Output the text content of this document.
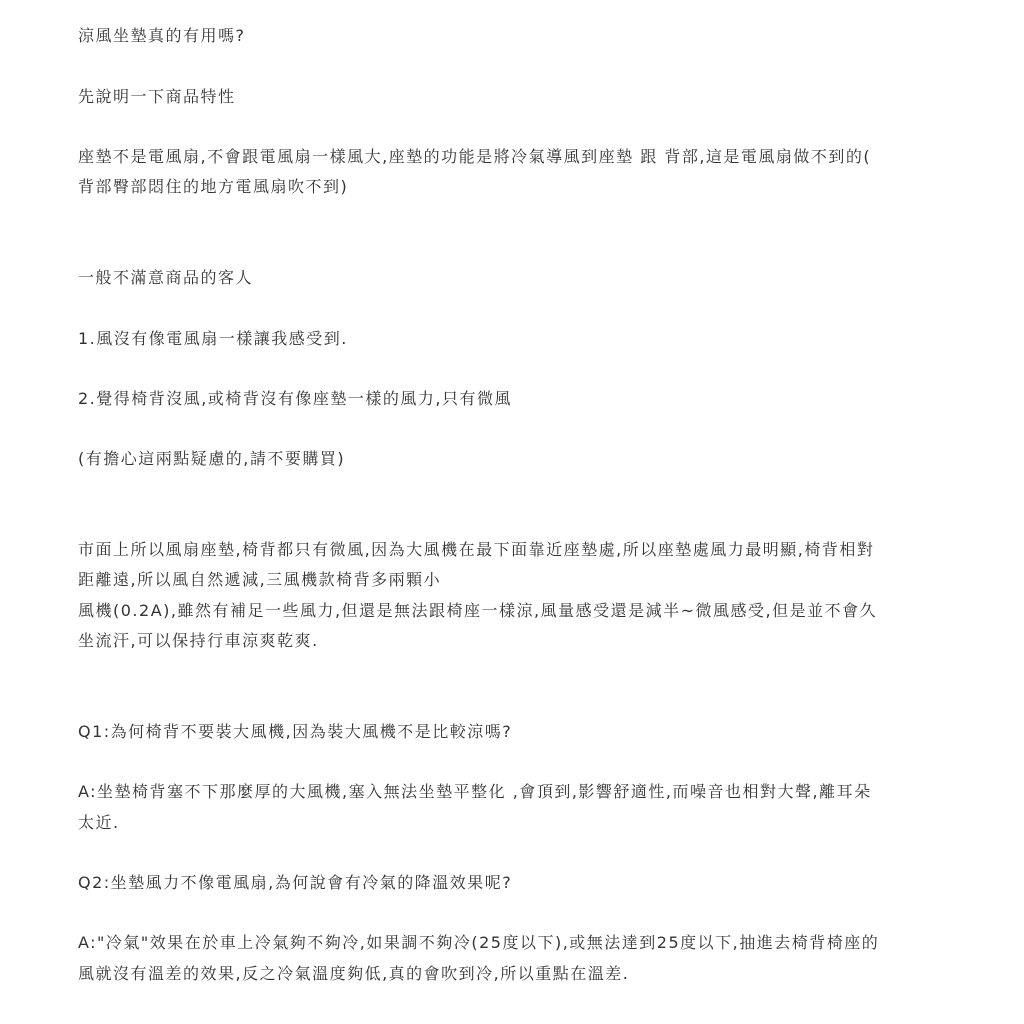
涼風坐墊真的有用嗎?

先說明一下商品特性

座墊不是電風扇,不會跟電風扇一樣風大,座墊的功能是將冷氣導風到座墊 跟 背部,這是電風扇做不到的(

背部臀部悶住的地方電風扇吹不到)

一般不滿意商品的客人

1.風沒有像電風扇一樣讓我感受到.

2.覺得椅背沒風,或椅背沒有像座墊一樣的風力,只有微風

(有擔心這兩點疑慮的,請不要購買)

市面上所以風扇座墊,椅背都只有微風,因為大風機在最下面靠近座墊處,所以座墊處風力最明顯,椅背相對

距離遠,所以風自然遞減,三風機款椅背多兩顆小

風機(0.2A),雖然有補足一些風力,但還是無法跟椅座一樣涼,風量感受還是減半~微風感受,但是並不會久

坐流汗,可以保持行車涼爽乾爽.

Q1:為何椅背不要裝大風機,因為裝大風機不是比較涼嗎?

A:坐墊椅背塞不下那麼厚的大風機,塞入無法坐墊平整化 ,會頂到,影響舒適性,而噪音也相對大聲,離耳朵

太近.

Q2:坐墊風力不像電風扇,為何說會有冷氣的降溫效果呢?

A:"冷氣"效果在於車上冷氣夠不夠冷,如果調不夠冷(25度以下),或無法達到25度以下,抽進去椅背椅座的

風就沒有溫差的效果,反之冷氣溫度夠低,真的會吹到冷,所以重點在溫差.
